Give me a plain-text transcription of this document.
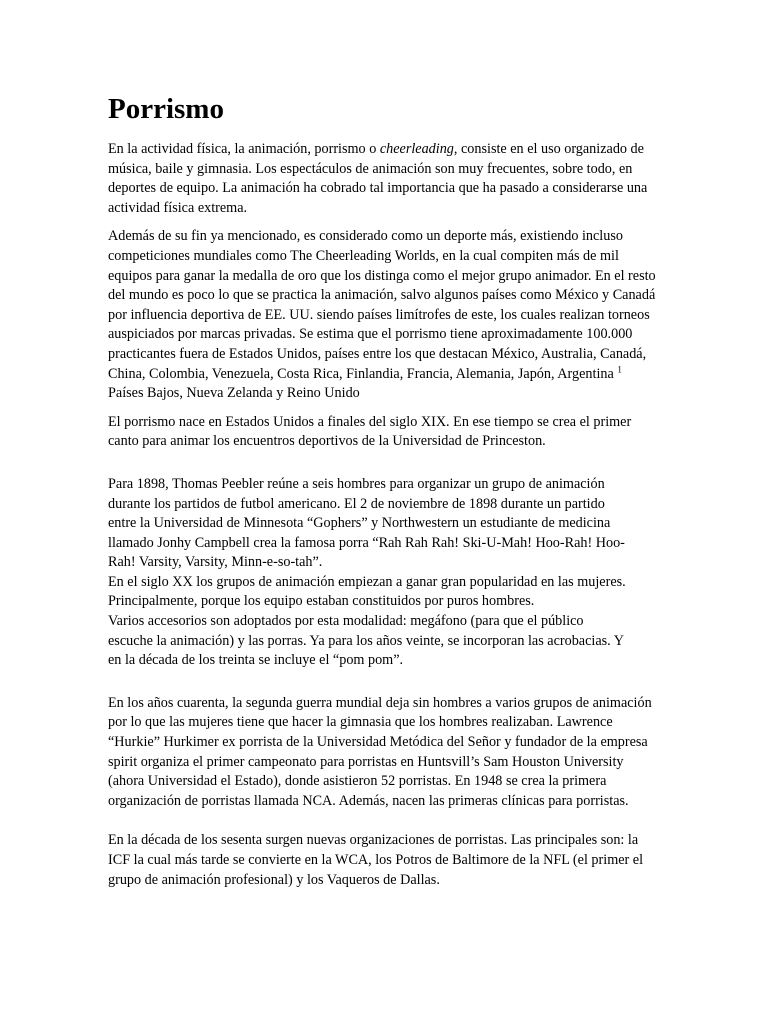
Porrismo

En la actividad física, la animación, porrismo o cheerleading, consiste en el uso organizado de música, baile y gimnasia. Los espectáculos de animación son muy frecuentes, sobre todo, en deportes de equipo. La animación ha cobrado tal importancia que ha pasado a considerarse una actividad física extrema.

Además de su fin ya mencionado, es considerado como un deporte más, existiendo incluso competiciones mundiales como The Cheerleading Worlds, en la cual compiten más de mil equipos para ganar la medalla de oro que los distinga como el mejor grupo animador. En el resto del mundo es poco lo que se practica la animación, salvo algunos países como México y Canadá por influencia deportiva de EE. UU. siendo países limítrofes de este, los cuales realizan torneos auspiciados por marcas privadas. Se estima que el porrismo tiene aproximadamente 100.000 practicantes fuera de Estados Unidos, países entre los que destacan México, Australia, Canadá, China, Colombia, Venezuela, Costa Rica, Finlandia, Francia, Alemania, Japón, Argentina $^1$ Países Bajos, Nueva Zelanda y Reino Unido

El porrismo nace en Estados Unidos a finales del siglo XIX. En ese tiempo se crea el primer canto para animar los encuentros deportivos de la Universidad de Princeston.

Para 1898, Thomas Peebler reúne a seis hombres para organizar un grupo de animación
durante los partidos de futbol americano. El 2 de noviembre de 1898 durante un partido
entre la Universidad de Minnesota “Gophers” y Northwestern un estudiante de medicina
llamado Jonhy Campbell crea la famosa porra “Rah Rah Rah! Ski-U-Mah! Hoo-Rah! Hoo-
Rah! Varsity, Varsity, Minn-e-so-tah”.
En el siglo XX los grupos de animación empiezan a ganar gran popularidad en las mujeres.
Principalmente, porque los equipo estaban constituidos por puros hombres.
Varios accesorios son adoptados por esta modalidad: megáfono (para que el público
escuche la animación) y las porras. Ya para los años veinte, se incorporan las acrobacias. Y
en la década de los treinta se incluye el “pom pom”.

En los años cuarenta, la segunda guerra mundial deja sin hombres a varios grupos de animación por lo que las mujeres tiene que hacer la gimnasia que los hombres realizaban. Lawrence “Hurkie” Hurkimer ex porrista de la Universidad Metódica del Señor y fundador de la empresa spirit organiza el primer campeonato para porristas en Huntsvill’s Sam Houston University (ahora Universidad el Estado), donde asistieron 52 porristas. En 1948 se crea la primera organización de porristas llamada NCA. Además, nacen las primeras clínicas para porristas.

En la década de los sesenta surgen nuevas organizaciones de porristas. Las principales son: la ICF la cual más tarde se convierte en la WCA, los Potros de Baltimore de la NFL (el primer el grupo de animación profesional) y los Vaqueros de Dallas.
